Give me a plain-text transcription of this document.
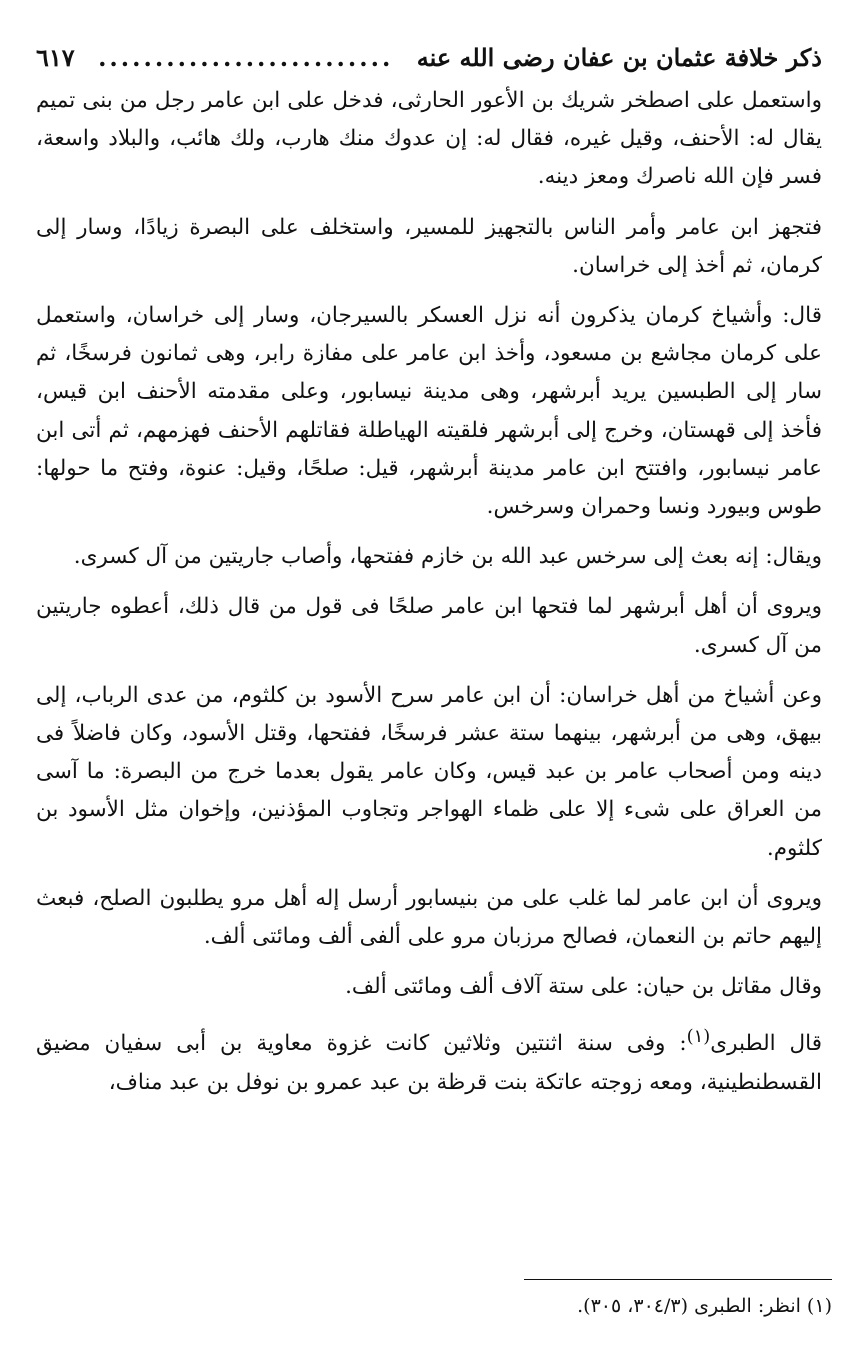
ذكر خلافة عثمان بن عفان رضى الله عنه
..........................
٦١٧

واستعمل على اصطخر شريك بن الأعور الحارثى، فدخل على ابن عامر رجل من بنى تميم يقال له: الأحنف، وقيل غيره، فقال له: إن عدوك منك هارب، ولك هائب، والبلاد واسعة، فسر فإن الله ناصرك ومعز دينه.

فتجهز ابن عامر وأمر الناس بالتجهيز للمسير، واستخلف على البصرة زيادًا، وسار إلى كرمان، ثم أخذ إلى خراسان.

قال: وأشياخ كرمان يذكرون أنه نزل العسكر بالسيرجان، وسار إلى خراسان، واستعمل على كرمان مجاشع بن مسعود، وأخذ ابن عامر على مفازة رابر، وهى ثمانون فرسخًا، ثم سار إلى الطبسين يريد أبرشهر، وهى مدينة نيسابور، وعلى مقدمته الأحنف ابن قيس، فأخذ إلى قهستان، وخرج إلى أبرشهر فلقيته الهياطلة فقاتلهم الأحنف فهزمهم، ثم أتى ابن عامر نيسابور، وافتتح ابن عامر مدينة أبرشهر، قيل: صلحًا، وقيل: عنوة، وفتح ما حولها: طوس وبيورد ونسا وحمران وسرخس.

ويقال: إنه بعث إلى سرخس عبد الله بن خازم ففتحها، وأصاب جاريتين من آل كسرى.

ويروى أن أهل أبرشهر لما فتحها ابن عامر صلحًا فى قول من قال ذلك، أعطوه جاريتين من آل كسرى.

وعن أشياخ من أهل خراسان: أن ابن عامر سرح الأسود بن كلثوم، من عدى الرباب، إلى بيهق، وهى من أبرشهر، بينهما ستة عشر فرسخًا، ففتحها، وقتل الأسود، وكان فاضلاً فى دينه ومن أصحاب عامر بن عبد قيس، وكان عامر يقول بعدما خرج من البصرة: ما آسى من العراق على شىء إلا على ظماء الهواجر وتجاوب المؤذنين، وإخوان مثل الأسود بن كلثوم.

ويروى أن ابن عامر لما غلب على من بنيسابور أرسل إله أهل مرو يطلبون الصلح، فبعث إليهم حاتم بن النعمان، فصالح مرزبان مرو على ألفى ألف ومائتى ألف.

وقال مقاتل بن حيان: على ستة آلاف ألف ومائتى ألف.

قال الطبرى$^{(١)}$: وفى سنة اثنتين وثلاثين كانت غزوة معاوية بن أبى سفيان مضيق القسطنطينية، ومعه زوجته عاتكة بنت قرظة بن عبد عمرو بن نوفل بن عبد مناف،

(١) انظر: الطبرى (٣٠٤/٣، ٣٠٥).
